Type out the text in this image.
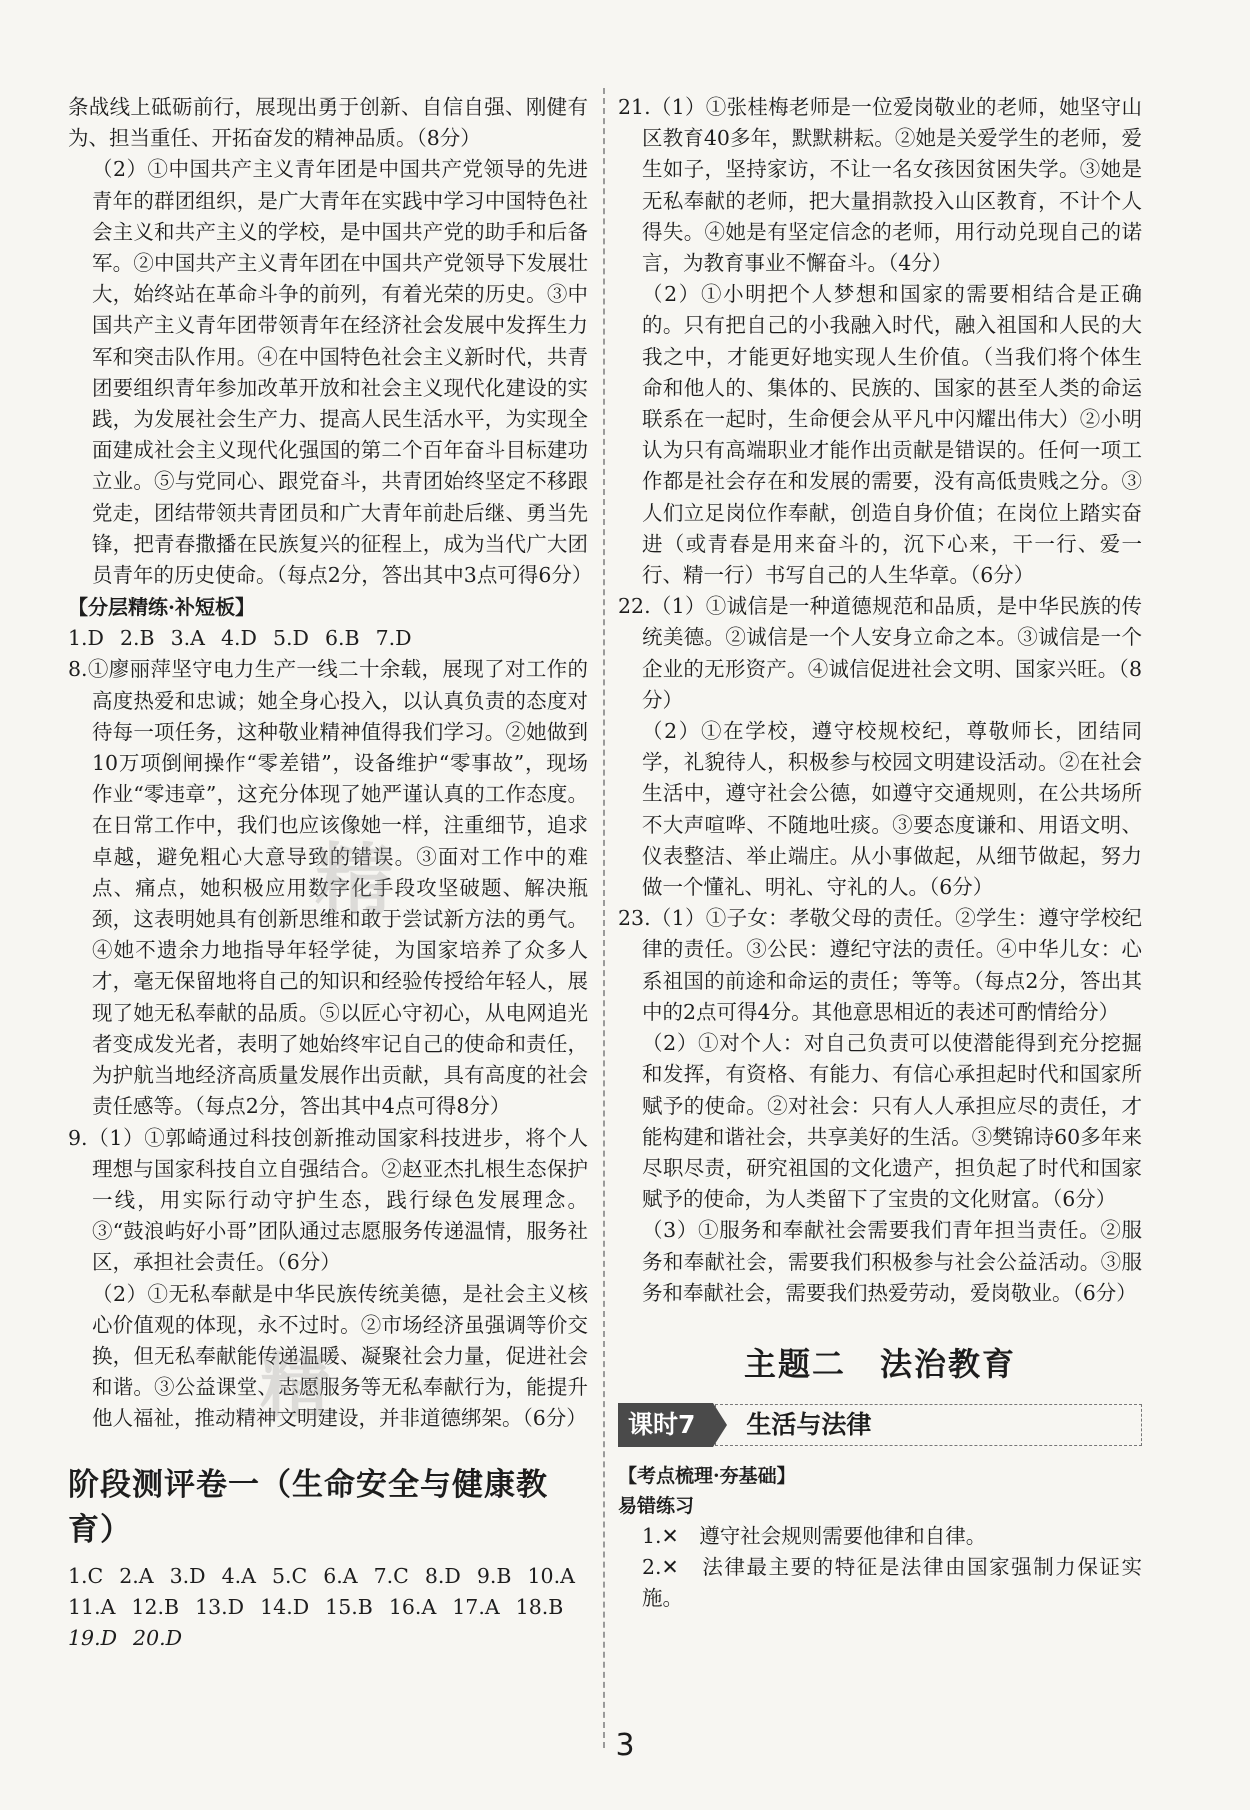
条战线上砥砺前行，展现出勇于创新、自信自强、刚健有为、担当重任、开拓奋发的精神品质。（8分）

（2）①中国共产主义青年团是中国共产党领导的先进青年的群团组织，是广大青年在实践中学习中国特色社会主义和共产主义的学校，是中国共产党的助手和后备军。②中国共产主义青年团在中国共产党领导下发展壮大，始终站在革命斗争的前列，有着光荣的历史。③中国共产主义青年团带领青年在经济社会发展中发挥生力军和突击队作用。④在中国特色社会主义新时代，共青团要组织青年参加改革开放和社会主义现代化建设的实践，为发展社会生产力、提高人民生活水平，为实现全面建成社会主义现代化强国的第二个百年奋斗目标建功立业。⑤与党同心、跟党奋斗，共青团始终坚定不移跟党走，团结带领共青团员和广大青年前赴后继、勇当先锋，把青春撒播在民族复兴的征程上，成为当代广大团员青年的历史使命。（每点2分，答出其中3点可得6分）

【分层精练·补短板】

1.D 2.B 3.A 4.D 5.D 6.B 7.D

8.①廖丽萍坚守电力生产一线二十余载，展现了对工作的高度热爱和忠诚；她全身心投入，以认真负责的态度对待每一项任务，这种敬业精神值得我们学习。②她做到10万项倒闸操作“零差错”，设备维护“零事故”，现场作业“零违章”，这充分体现了她严谨认真的工作态度。在日常工作中，我们也应该像她一样，注重细节，追求卓越，避免粗心大意导致的错误。③面对工作中的难点、痛点，她积极应用数字化手段攻坚破题、解决瓶颈，这表明她具有创新思维和敢于尝试新方法的勇气。④她不遗余力地指导年轻学徒，为国家培养了众多人才，毫无保留地将自己的知识和经验传授给年轻人，展现了她无私奉献的品质。⑤以匠心守初心，从电网追光者变成发光者，表明了她始终牢记自己的使命和责任，为护航当地经济高质量发展作出贡献，具有高度的社会责任感等。（每点2分，答出其中4点可得8分）

9.（1）①郭崎通过科技创新推动国家科技进步，将个人理想与国家科技自立自强结合。②赵亚杰扎根生态保护一线，用实际行动守护生态，践行绿色发展理念。③“鼓浪屿好小哥”团队通过志愿服务传递温情，服务社区，承担社会责任。（6分）

（2）①无私奉献是中华民族传统美德，是社会主义核心价值观的体现，永不过时。②市场经济虽强调等价交换，但无私奉献能传递温暖、凝聚社会力量，促进社会和谐。③公益课堂、志愿服务等无私奉献行为，能提升他人福祉，推动精神文明建设，并非道德绑架。（6分）

阶段测评卷一（生命安全与健康教育）

1.C 2.A 3.D 4.A 5.C 6.A 7.C 8.D 9.B 10.A

11.A 12.B 13.D 14.D 15.B 16.A 17.A 18.B

19.D 20.D

21.（1）①张桂梅老师是一位爱岗敬业的老师，她坚守山区教育40多年，默默耕耘。②她是关爱学生的老师，爱生如子，坚持家访，不让一名女孩因贫困失学。③她是无私奉献的老师，把大量捐款投入山区教育，不计个人得失。④她是有坚定信念的老师，用行动兑现自己的诺言，为教育事业不懈奋斗。（4分）

（2）①小明把个人梦想和国家的需要相结合是正确的。只有把自己的小我融入时代，融入祖国和人民的大我之中，才能更好地实现人生价值。（当我们将个体生命和他人的、集体的、民族的、国家的甚至人类的命运联系在一起时，生命便会从平凡中闪耀出伟大）②小明认为只有高端职业才能作出贡献是错误的。任何一项工作都是社会存在和发展的需要，没有高低贵贱之分。③人们立足岗位作奉献，创造自身价值；在岗位上踏实奋进（或青春是用来奋斗的，沉下心来，干一行、爱一行、精一行）书写自己的人生华章。（6分）

22.（1）①诚信是一种道德规范和品质，是中华民族的传统美德。②诚信是一个人安身立命之本。③诚信是一个企业的无形资产。④诚信促进社会文明、国家兴旺。（8分）

（2）①在学校，遵守校规校纪，尊敬师长，团结同学，礼貌待人，积极参与校园文明建设活动。②在社会生活中，遵守社会公德，如遵守交通规则，在公共场所不大声喧哗、不随地吐痰。③要态度谦和、用语文明、仪表整洁、举止端庄。从小事做起，从细节做起，努力做一个懂礼、明礼、守礼的人。（6分）

23.（1）①子女：孝敬父母的责任。②学生：遵守学校纪律的责任。③公民：遵纪守法的责任。④中华儿女：心系祖国的前途和命运的责任；等等。（每点2分，答出其中的2点可得4分。其他意思相近的表述可酌情给分）

（2）①对个人：对自己负责可以使潜能得到充分挖掘和发挥，有资格、有能力、有信心承担起时代和国家所赋予的使命。②对社会：只有人人承担应尽的责任，才能构建和谐社会，共享美好的生活。③樊锦诗60多年来尽职尽责，研究祖国的文化遗产，担负起了时代和国家赋予的使命，为人类留下了宝贵的文化财富。（6分）

（3）①服务和奉献社会需要我们青年担当责任。②服务和奉献社会，需要我们积极参与社会公益活动。③服务和奉献社会，需要我们热爱劳动，爱岗敬业。（6分）

主题二　法治教育
课时7	生活与法律

【考点梳理·夯基础】

易错练习

1.✕　遵守社会规则需要他律和自律。

2.✕　法律最主要的特征是法律由国家强制力保证实施。

精
精
3
